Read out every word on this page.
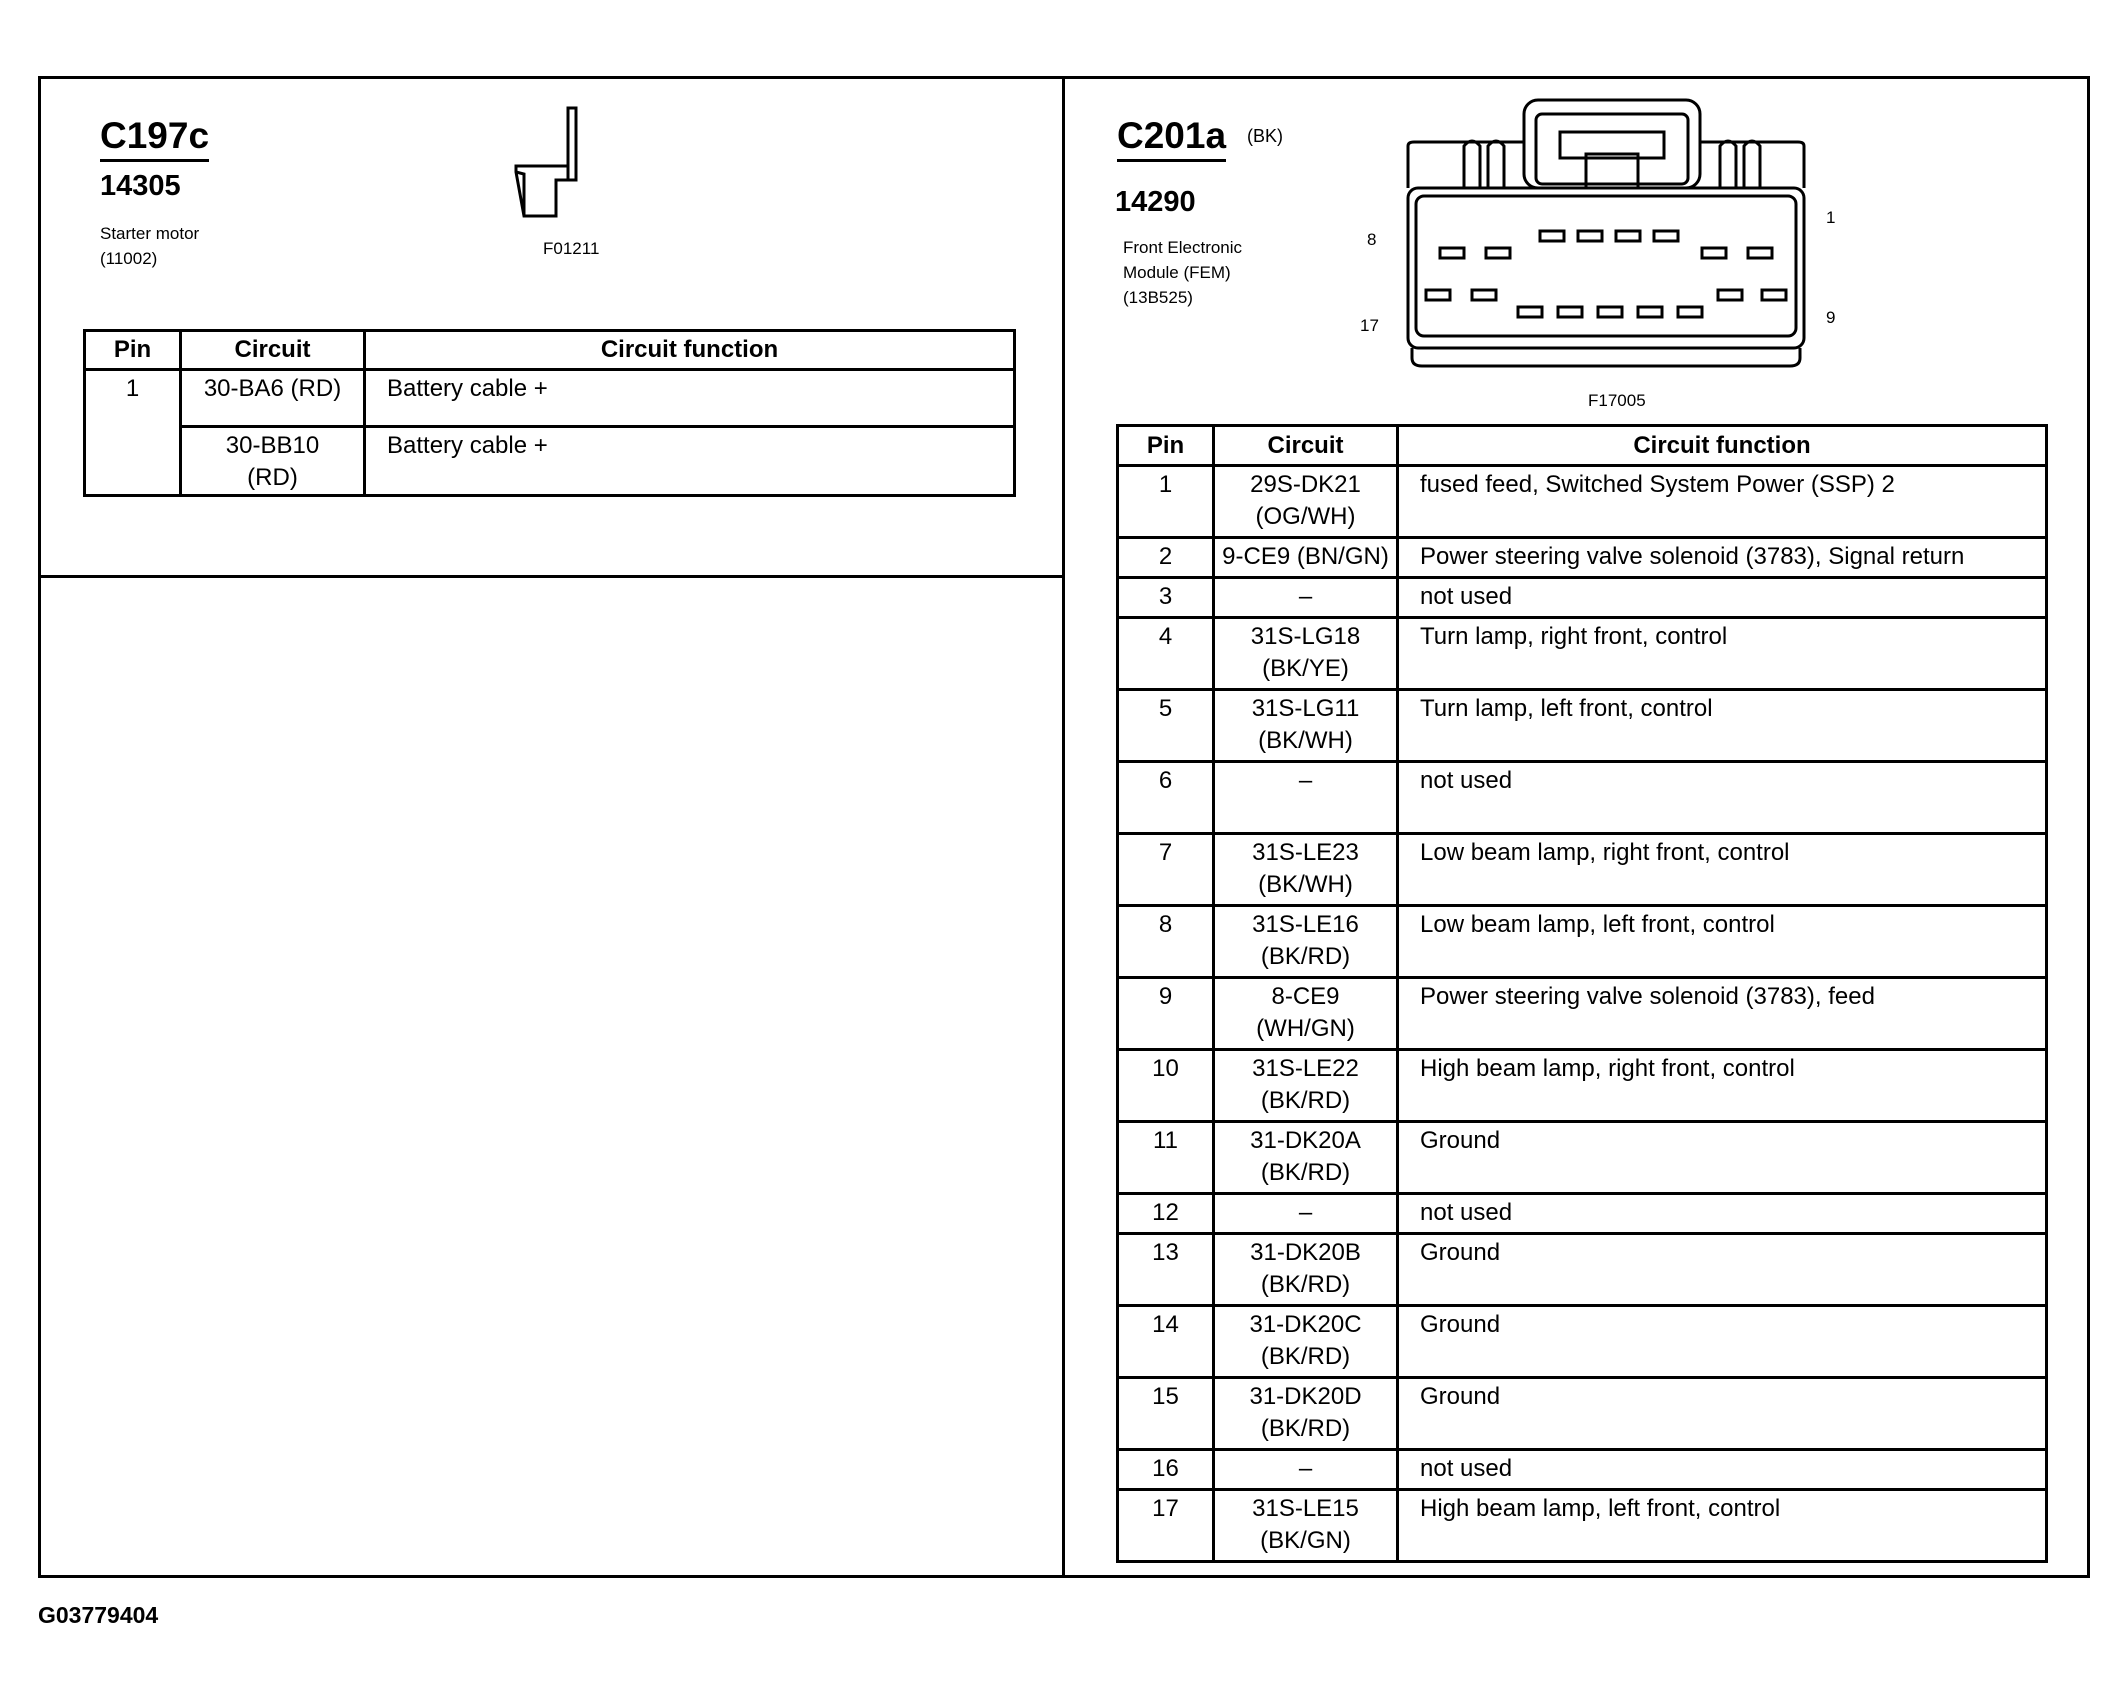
C197c
14305
Starter motor
(11002)
F01211
Pin	Circuit	Circuit function
1	30-BA6 (RD)	Battery cable +

	30-BB10
(RD)	Battery cable +
C201a (BK)
14290
Front Electronic
Module (FEM)
(13B525)
8
1
17	9
F17005
Pin	Circuit	Circuit function
1	29S-DK21
(OG/WH)	fused feed, Switched System Power (SSP) 2
2	9-CE9 (BN/GN)	Power steering valve solenoid (3783), Signal return
3	–	not used
4	31S-LG18
(BK/YE)	Turn lamp, right front, control
5	31S-LG11
(BK/WH)	Turn lamp, left front, control
6	–	not used
7	31S-LE23
(BK/WH)	Low beam lamp, right front, control
8	31S-LE16
(BK/RD)	Low beam lamp, left front, control
9	8-CE9
(WH/GN)	Power steering valve solenoid (3783), feed
10	31S-LE22
(BK/RD)	High beam lamp, right front, control
11	31-DK20A
(BK/RD)	Ground
12	–	not used
13	31-DK20B
(BK/RD)	Ground
14	31-DK20C
(BK/RD)	Ground
15	31-DK20D
(BK/RD)	Ground
16	–	not used
17	31S-LE15
(BK/GN)	High beam lamp, left front, control
G03779404
